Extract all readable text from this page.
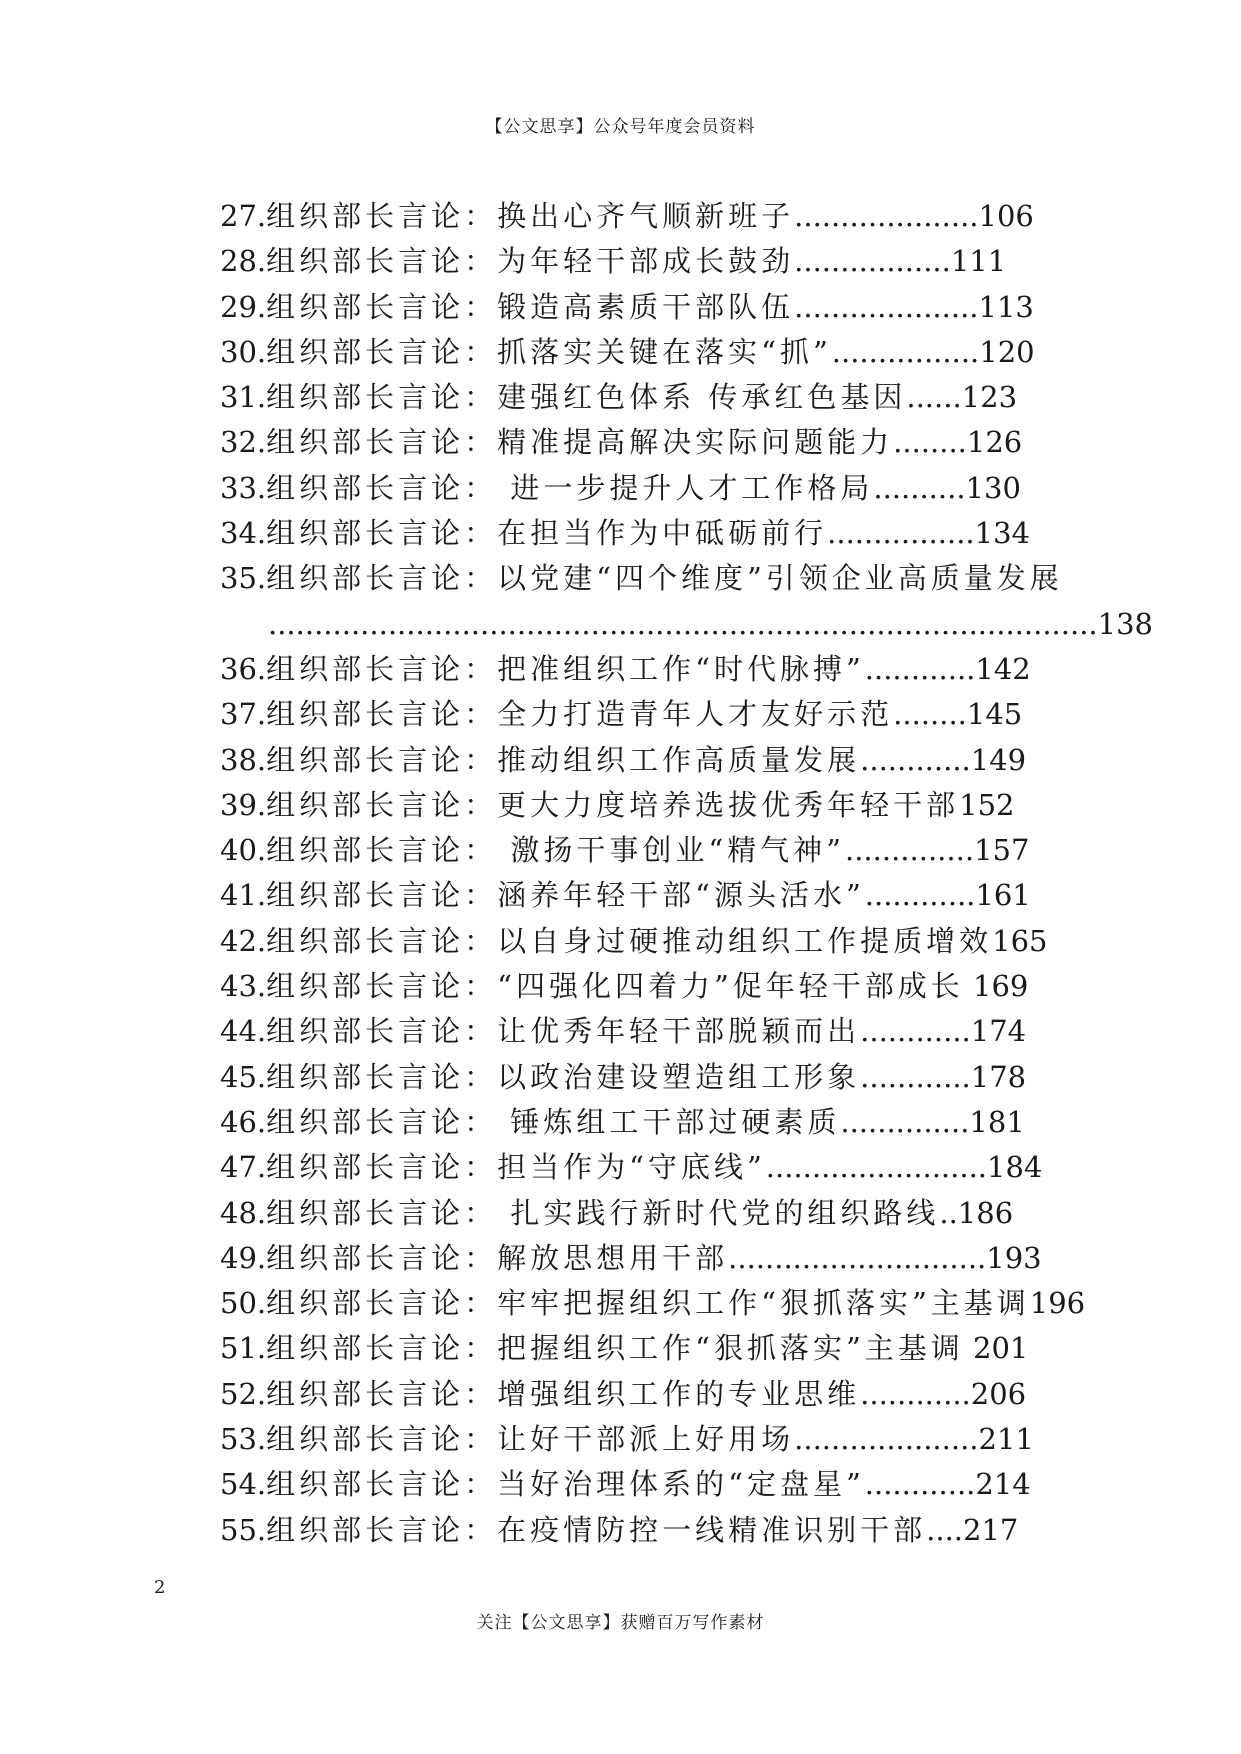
【公文思享】公众号年度会员资料
27.组织部长言论：换出心齐气顺新班子....................106
28.组织部长言论：为年轻干部成长鼓劲.................111
29.组织部长言论：锻造高素质干部队伍....................113
30.组织部长言论：抓落实关键在落实“抓”................120
31.组织部长言论：建强红色体系 传承红色基因......123
32.组织部长言论：精准提高解决实际问题能力........126
33.组织部长言论： 进一步提升人才工作格局..........130
34.组织部长言论：在担当作为中砥砺前行................134
35.组织部长言论：以党建“四个维度”引领企业高质量发展
..........................................................................................138
36.组织部长言论：把准组织工作“时代脉搏”............142
37.组织部长言论：全力打造青年人才友好示范........145
38.组织部长言论：推动组织工作高质量发展............149
39.组织部长言论：更大力度培养选拔优秀年轻干部152
40.组织部长言论： 激扬干事创业“精气神”..............157
41.组织部长言论：涵养年轻干部“源头活水”............161
42.组织部长言论：以自身过硬推动组织工作提质增效165
43.组织部长言论：“四强化四着力”促年轻干部成长 169
44.组织部长言论：让优秀年轻干部脱颖而出............174
45.组织部长言论：以政治建设塑造组工形象............178
46.组织部长言论： 锤炼组工干部过硬素质..............181
47.组织部长言论：担当作为“守底线”........................184
48.组织部长言论： 扎实践行新时代党的组织路线..186
49.组织部长言论：解放思想用干部............................193
50.组织部长言论：牢牢把握组织工作“狠抓落实”主基调196
51.组织部长言论：把握组织工作“狠抓落实”主基调 201
52.组织部长言论：增强组织工作的专业思维............206
53.组织部长言论：让好干部派上好用场....................211
54.组织部长言论：当好治理体系的“定盘星”............214
55.组织部长言论：在疫情防控一线精准识别干部....217
2
关注【公文思享】获赠百万写作素材
